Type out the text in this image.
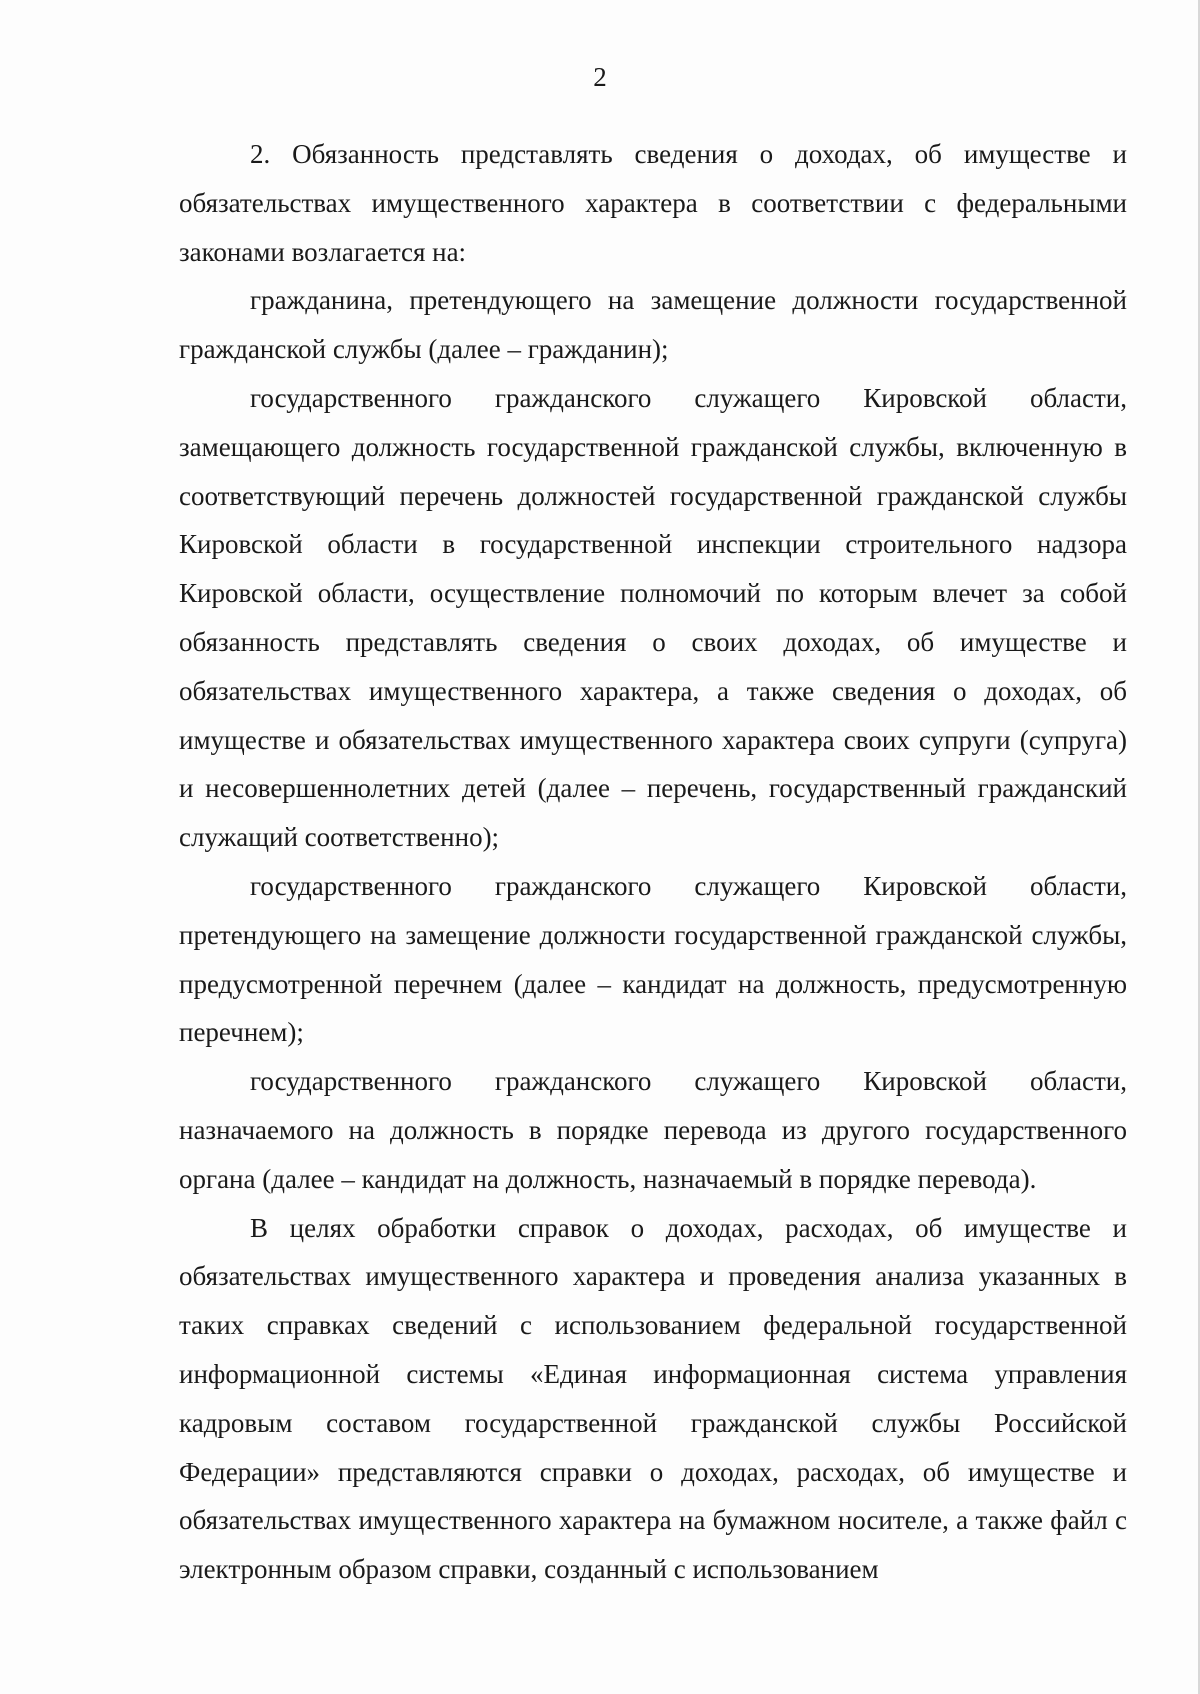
2

2. Обязанность представлять сведения о доходах, об имуществе и обязательствах имущественного характера в соответствии с федеральными законами возлагается на:

гражданина, претендующего на замещение должности государственной гражданской службы (далее – гражданин);

государственного гражданского служащего Кировской области, замещающего должность государственной гражданской службы, включенную в соответствующий перечень должностей государственной гражданской службы Кировской области в государственной инспекции строительного надзора Кировской области, осуществление полномочий по которым влечет за собой обязанность представлять сведения о своих доходах, об имуществе и обязательствах имущественного характера, а также сведения о доходах, об имуществе и обязательствах имущественного характера своих супруги (супруга) и несовершеннолетних детей (далее – перечень, государственный гражданский служащий соответственно);

государственного гражданского служащего Кировской области, претендующего на замещение должности государственной гражданской службы, предусмотренной перечнем (далее – кандидат на должность, предусмотренную перечнем);

государственного гражданского служащего Кировской области, назначаемого на должность в порядке перевода из другого государственного органа (далее – кандидат на должность, назначаемый в порядке перевода).

В целях обработки справок о доходах, расходах, об имуществе и обязательствах имущественного характера и проведения анализа указанных в таких справках сведений с использованием федеральной государственной информационной системы «Единая информационная система управления кадровым составом государственной гражданской службы Российской Федерации» представляются справки о доходах, расходах, об имуществе и обязательствах имущественного характера на бумажном носителе, а также файл с электронным образом справки, созданный с использованием
